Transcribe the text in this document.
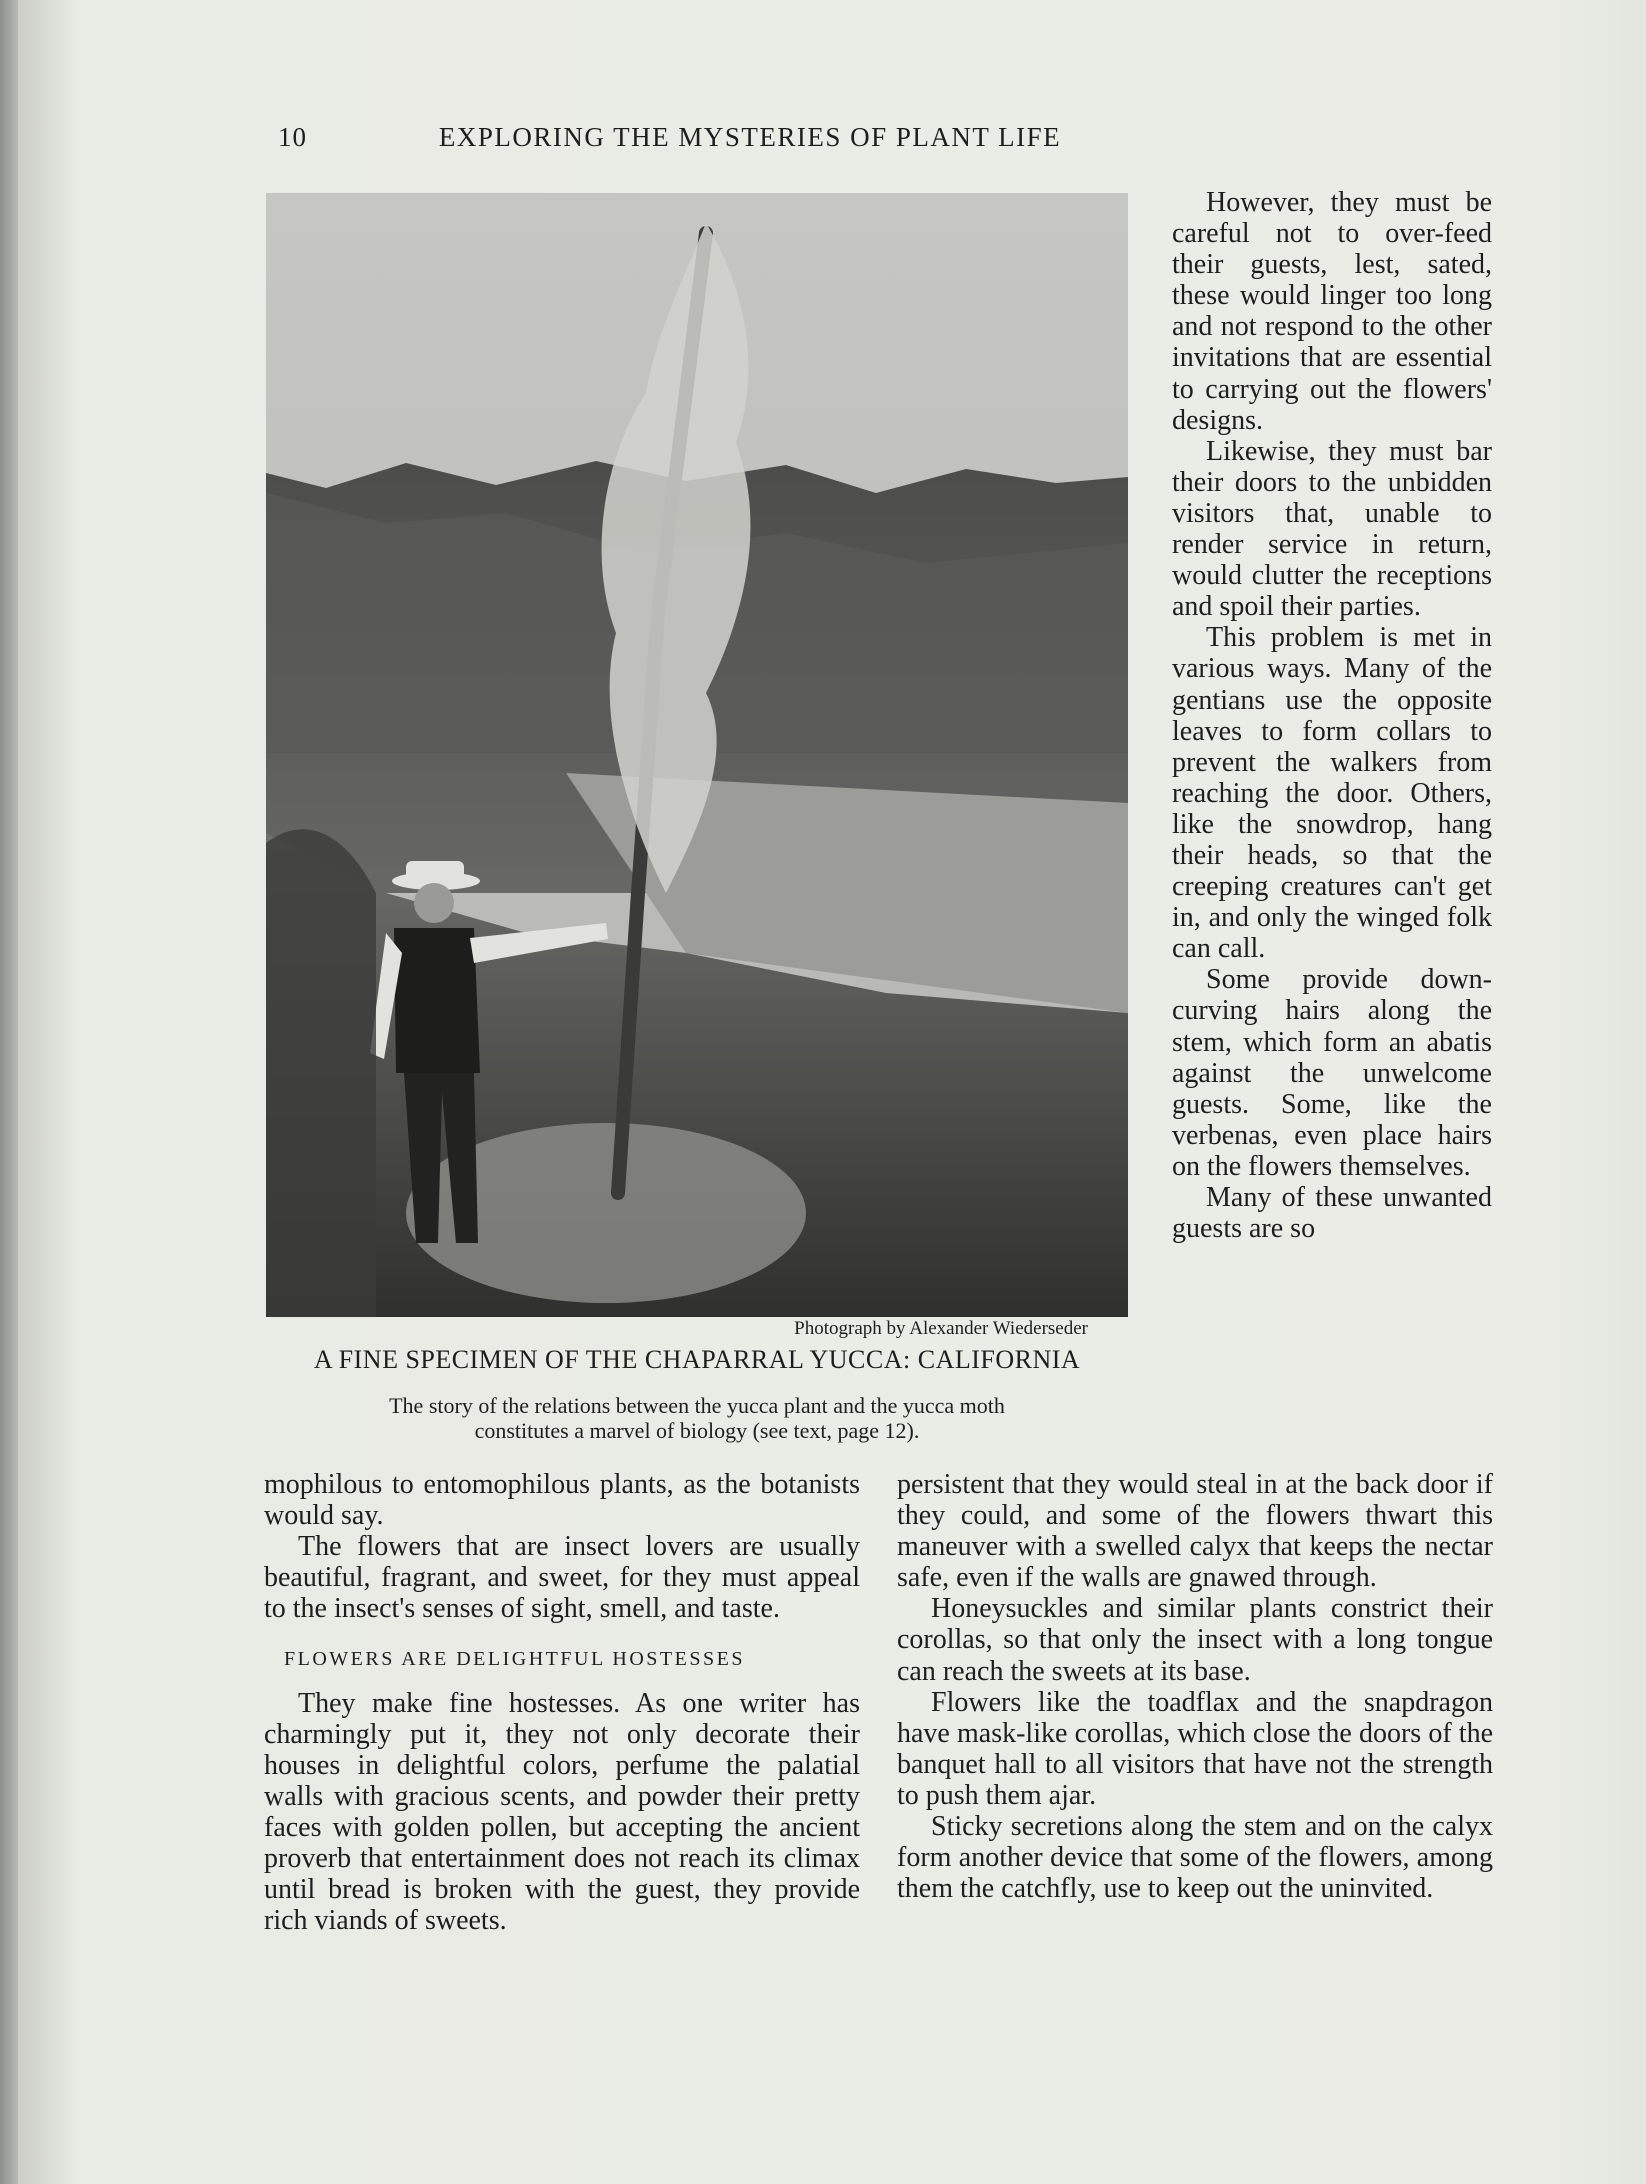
10	EXPLORING THE MYSTERIES OF PLANT LIFE
Photograph by Alexander Wiederseder
A FINE SPECIMEN OF THE CHAPARRAL YUCCA: CALIFORNIA
The story of the relations between the yucca plant and the yucca moth
constitutes a marvel of biology (see text, page 12).

However, they must be careful not to over-feed their guests, lest, sated, these would linger too long and not respond to the other invitations that are essential to carrying out the flowers' designs.

Likewise, they must bar their doors to the unbidden visitors that, unable to render service in return, would clutter the receptions and spoil their parties.

This problem is met in various ways. Many of the gentians use the opposite leaves to form collars to prevent the walkers from reaching the door. Others, like the snowdrop, hang their heads, so that the creeping creatures can't get in, and only the winged folk can call.

Some provide down-curving hairs along the stem, which form an abatis against the unwelcome guests. Some, like the verbenas, even place hairs on the flowers themselves.

Many of these unwanted guests are so

mophilous to entomophilous plants, as the botanists would say.

The flowers that are insect lovers are usually beautiful, fragrant, and sweet, for they must appeal to the insect's senses of sight, smell, and taste.

FLOWERS ARE DELIGHTFUL HOSTESSES

They make fine hostesses. As one writer has charmingly put it, they not only decorate their houses in delightful colors, perfume the palatial walls with gracious scents, and powder their pretty faces with golden pollen, but accepting the ancient proverb that entertainment does not reach its climax until bread is broken with the guest, they provide rich viands of sweets.

persistent that they would steal in at the back door if they could, and some of the flowers thwart this maneuver with a swelled calyx that keeps the nectar safe, even if the walls are gnawed through.

Honeysuckles and similar plants constrict their corollas, so that only the insect with a long tongue can reach the sweets at its base.

Flowers like the toadflax and the snapdragon have mask-like corollas, which close the doors of the banquet hall to all visitors that have not the strength to push them ajar.

Sticky secretions along the stem and on the calyx form another device that some of the flowers, among them the catchfly, use to keep out the uninvited.
